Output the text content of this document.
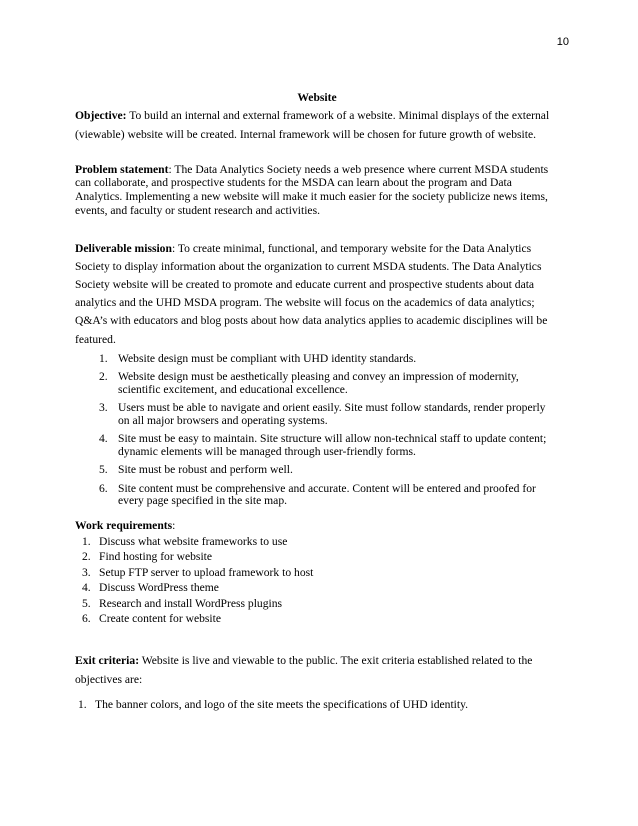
10
Website

Objective: To build an internal and external framework of a website. Minimal displays of the external (viewable) website will be created. Internal framework will be chosen for future growth of website.

Problem statement: The Data Analytics Society needs a web presence where current MSDA students can collaborate, and prospective students for the MSDA can learn about the program and Data Analytics. Implementing a new website will make it much easier for the society publicize news items, events, and faculty or student research and activities.

Deliverable mission: To create minimal, functional, and temporary website for the Data Analytics Society to display information about the organization to current MSDA students. The Data Analytics Society website will be created to promote and educate current and prospective students about data analytics and the UHD MSDA program. The website will focus on the academics of data analytics; Q&A’s with educators and blog posts about how data analytics applies to academic disciplines will be featured.

1. Website design must be compliant with UHD identity standards.
2. Website design must be aesthetically pleasing and convey an impression of modernity, scientific excitement, and educational excellence.
3. Users must be able to navigate and orient easily. Site must follow standards, render properly on all major browsers and operating systems.
4. Site must be easy to maintain. Site structure will allow non-technical staff to update content; dynamic elements will be managed through user-friendly forms.
5. Site must be robust and perform well.
6. Site content must be comprehensive and accurate. Content will be entered and proofed for every page specified in the site map.

Work requirements:

1. Discuss what website frameworks to use
2. Find hosting for website
3. Setup FTP server to upload framework to host
4. Discuss WordPress theme
5. Research and install WordPress plugins
6. Create content for website

Exit criteria: Website is live and viewable to the public. The exit criteria established related to the objectives are:

1. The banner colors, and logo of the site meets the specifications of UHD identity.
